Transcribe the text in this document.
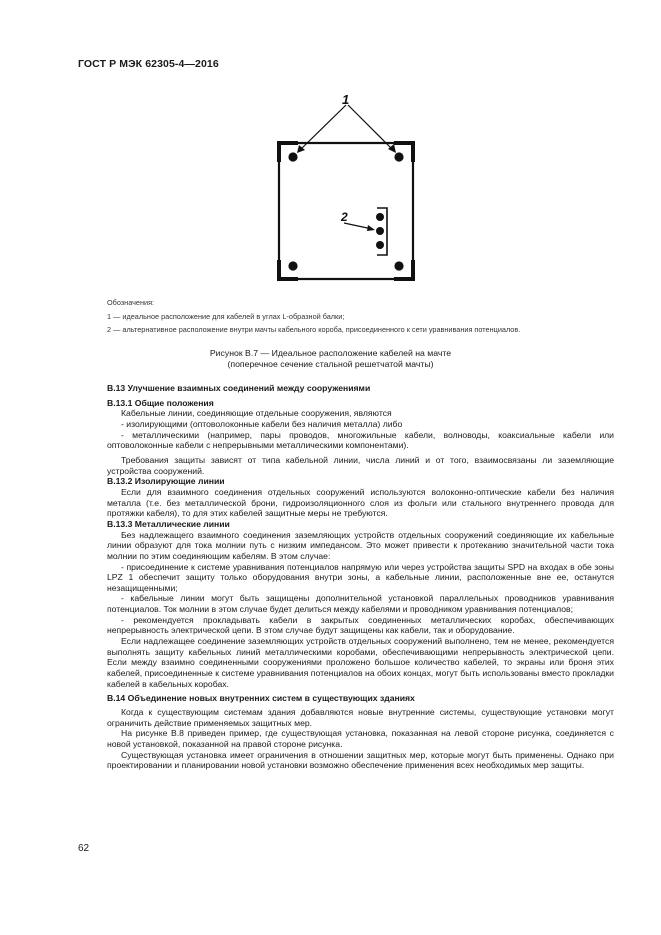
ГОСТ Р МЭК 62305-4—2016
1
2
Обозначения:
1 — идеальное расположение для кабелей в углах L-образной балки;
2 — альтернативное расположение внутри мачты кабельного короба, присоединенного к сети уравнивания потенциалов.
Рисунок В.7 — Идеальное расположение кабелей на мачте
(поперечное сечение стальной решетчатой мачты)

В.13 Улучшение взаимных соединений между сооружениями

В.13.1 Общие положения

Кабельные линии, соединяющие отдельные сооружения, являются

- изолирующими (оптоволоконные кабели без наличия металла) либо

- металлическими (например, пары проводов, многожильные кабели, волноводы, коаксиальные кабели или оптоволоконные кабели с непрерывными металлическими компонентами).

Требования защиты зависят от типа кабельной линии, числа линий и от того, взаимосвязаны ли заземляющие устройства сооружений.

В.13.2 Изолирующие линии

Если для взаимного соединения отдельных сооружений используются волоконно-оптические кабели без наличия металла (т.е. без металлической брони, гидроизоляционного слоя из фольги или стального внутреннего провода для протяжки кабеля), то для этих кабелей защитные меры не требуются.

В.13.3 Металлические линии

Без надлежащего взаимного соединения заземляющих устройств отдельных сооружений соединяющие их кабельные линии образуют для тока молнии путь с низким импедансом. Это может привести к протеканию значительной части тока молнии по этим соединяющим кабелям. В этом случае:

- присоединение к системе уравнивания потенциалов напрямую или через устройства защиты SPD на входах в обе зоны LPZ 1 обеспечит защиту только оборудования внутри зоны, а кабельные линии, расположенные вне ее, останутся незащищенными;

- кабельные линии могут быть защищены дополнительной установкой параллельных проводников уравнивания потенциалов. Ток молнии в этом случае будет делиться между кабелями и проводником уравнивания потенциалов;

- рекомендуется прокладывать кабели в закрытых соединенных металлических коробах, обеспечивающих непрерывность электрической цепи. В этом случае будут защищены как кабели, так и оборудование.

Если надлежащее соединение заземляющих устройств отдельных сооружений выполнено, тем не менее, рекомендуется выполнять защиту кабельных линий металлическими коробами, обеспечивающими непрерывность электрической цепи. Если между взаимно соединенными сооружениями проложено большое количество кабелей, то экраны или броня этих кабелей, присоединенные к системе уравнивания потенциалов на обоих концах, могут быть использованы вместо прокладки кабелей в кабельных коробах.

В.14 Объединение новых внутренних систем в существующих зданиях

Когда к существующим системам здания добавляются новые внутренние системы, существующие установки могут ограничить действие применяемых защитных мер.

На рисунке В.8 приведен пример, где существующая установка, показанная на левой стороне рисунка, соединяется с новой установкой, показанной на правой стороне рисунка.

Существующая установка имеет ограничения в отношении защитных мер, которые могут быть применены. Однако при проектировании и планировании новой установки возможно обеспечение применения всех необходимых мер защиты.

62
